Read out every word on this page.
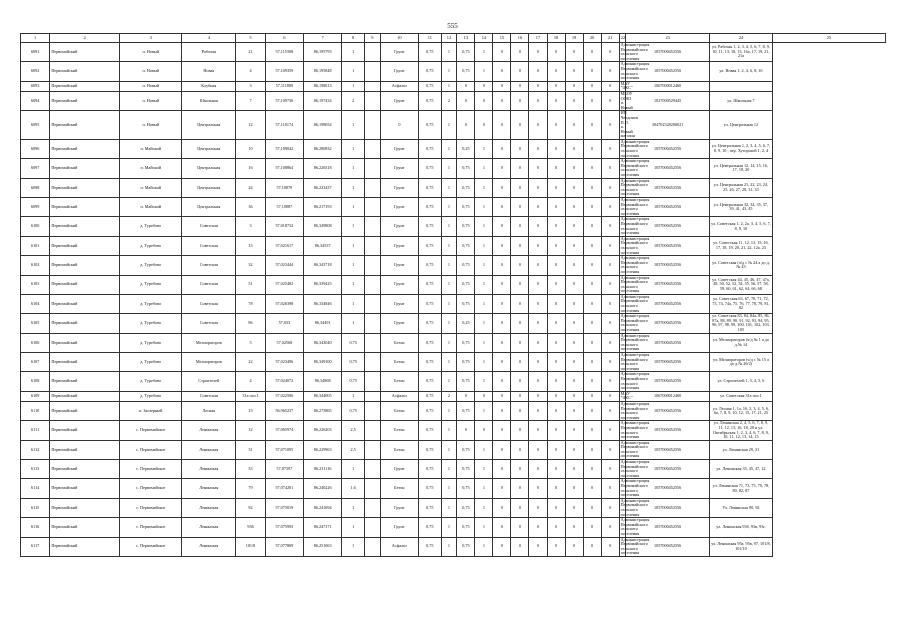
555
1	2	3	4	5	6	7	8	9	10	11	12	13	14	15	16	17	18	19	20	21	22	23	24	25
6091	Первомайский	п. Новый	Рабочая	21	57,115308	86,195793	1		Грунт	0,75	1	0,75	1	0	0	0	0	0	0	0	Администрация Первомайского сельского поселения	1057000452556	ул. Рабочая 1, 2, 3, 4, 5, 6, 7, 8, 9, 10, 11, 13, 18, 15, 16а, 17, 19, 21, 21а	
6092	Первомайский	п. Новый	Новая	4	57,109359	86,195848	1		Грунт	0,75	1	0,75	1	0	0	0	0	0	0	0	Администрация Первомайского сельского поселения	1057000452556	ул. Новая 1, 2, 4, 6, 8, 10	
6093	Первомайский	п. Новый	Клубная	3	57,111809	86,198613	1		Асфальт	0,75	1	0	0	0	0	0	0	0	0	0	МАУ "ЦКС"	1067000012460		
6094	Первомайский	п. Новый	Школьная	7	57,109736	86,197434	2		Грунт	0,75	2	0	0	0	0	0	0	0	0	0	МБОУ ООШ п. Новый	1027000529445	ул. Школьная 7	
6095	Первомайский	п. Новый	Центральная	12	57,110174	86,198054	1		0	0,75	1	0	0	0	0	0	0	0	0	0	ИП Чекдинов П.П. к. Новый магазин	304702528200021	ул. Центральная 12	
6096	Первомайский	п. Майский	Центральная	10	57,109042	86,280832	1		Грунт	0,75	1	0,25	1	0	0	0	0	0	0	0	Администрация Первомайского сельского поселения	1057000452556	ул. Центральная 1, 2, 3, 4, 5, 6, 7, 8, 9, 10 ; пер. Хуторской 1, 2, 4	
6097	Первомайский	п. Майский	Центральная	16	57,108864	86,226518	1		Грунт	0,75	1	0,75	1	0	0	0	0	0	0	0	Администрация Первомайского сельского поселения	1057000452556	ул. Центральная 12, 14, 15, 16, 17, 18, 20	
6098	Первомайский	п. Майский	Центральная	24	57,10879	86,223437	1		Грунт	0,75	1	0,75	1	0	0	0	0	0	0	0	Администрация Первомайского сельского поселения	1057000452556	ул. Центральная 21, 22, 23, 24, 25, 26, 27, 28, 31, 33	
6099	Первомайский	п. Майский	Центральная	36	57,10887	86,217193	1		Грунт	0,75	1	0,75	1	0	0	0	0	0	0	0	Администрация Первомайского сельского поселения	1057000452556	ул. Центральная 32, 34, 35, 37, 39, 41, 43, 45	
6100	Первомайский	д. Туребово	Советская	3	57,018732	86,349808	1		Грунт	0,75	1	0,75	1	0	0	0	0	0	0	0	Администрация Первомайского сельского поселения	1057000452556	ул. Советская 1, 2, 2а, 3, 4, 5, 6, 7, 8, 9, 10	
6101	Первомайский	д. Туребово	Советская	15	57,021617	86,34537	1		Грунт	0,75	1	0,75	1	0	0	0	0	0	0	0	Администрация Первомайского сельского поселения	1057000452556	ул. Советская 11, 12, 13, 15, 16, 17, 18, 19, 20, 21, 22, 12а, 23	
6102	Первомайский	д. Туребово	Советская	32	57,023444	86,343718	1		Грунт	0,75	1	0,75	1	0	0	0	0	0	0	0	Администрация Первомайского сельского поселения	1057000452556	ул. Советская (ч/д с № 24 а до д.№ 43	
6103	Первомайский	д. Туребово	Советская	51	57,025482	86,339425	1		Грунт	0,75	1	0,75	1	0	0	0	0	0	0	0	Администрация Первомайского сельского поселения	1057000452556	ул. Советская 44, 45, 46, 47, 47а, 48, 50, 52, 52, 54, 55, 56, 57, 58, 59, 60, 61, 62, 64, 66, 68	
6104	Первомайский	д. Туребово	Советская	78	57,026398	86,334846	1		Грунт	0,75	1	0,75	1	0	0	0	0	0	0	0	Администрация Первомайского сельского поселения	1057000452556	ул. Советская 63, 67, 70, 71, 72, 73, 74, 74а, 75, 76, 77, 78, 79, 81, 82	
6105	Первомайский	д. Туребово	Советская	86	57,033	86,34491	1		Грунт	0,75	1	0,25	1	0	0	0	0	0	0	0	Администрация Первомайского сельского поселения	1057000452556	ул. Советская 83, 84, 84а, 85, 86, 87а, 88, 89, 90, 91, 92, 93, 94, 95, 96, 97, 98, 99, 100, 101, 102, 103, 105	
6106	Первомайский	д. Туребово	Мелиораторов	5	57,02568	86,343040	0,75		Бетон	0,75	1	0,75	1	0	0	0	0	0	0	0	Администрация Первомайского сельского поселения	1057000452556	ул. Мелиораторов (ч/д № 1 а до д.№ 14	
6107	Первомайский	д. Туребово	Мелиораторов	22	57,023496	86,349100	0,75		Бетон	0,75	1	0,75	1	0	0	0	0	0	0	0	Администрация Первомайского сельского поселения	1057000452556	ул. Мелиораторов (ч/д с № 15 а до д.№ 26/2)	
6108	Первомайский	д. Туребово	Строителей	4	57,024072	86,34868	0,75		Бетон	0,75	1	0,75	1	0	0	0	0	0	0	0	Администрация Первомайского сельского поселения	1057000452556	ул. Строителей 1, 3, 4, 5, 6	
6109	Первомайский	д. Туребово	Советская	31а поз.1	57,022506	86,344005	1		Асфальт	0,75	2	0	0	0	0	0	0	0	0	0	МАУ "ЦКС"	1067000012460	ул. Советская 31а поз.1	
6110	Первомайский	п. Заозерный	Лесная	15	56,965237	86,275865	0,75		Бетон	0,75	1	0,75	1	0	0	0	0	0	0	0	Администрация Первомайского сельского поселения	1057000452556	ул. Лесная 1, 1а, 1б, 2, 3, 4, 5, 6, 6а, 7, 8, 9, 10, 12, 15, 17, 21, 25	
6111	Первомайский	с. Первомайское	Ленинская	12	57,065974	86,226203	2,5		Бетон	0,75	1	0	0	0	0	0	0	0	0	0	Администрация Первомайского сельского поселения	1057000452556	ул. Ленинская 2, 4, 5, 6, 7, 8, 9, 11, 12, 13, 16, 18, 20 и ул. Октябрьская 1, 2, 3, 4, 6, 7, 8, 9, 10, 11, 12, 13, 14, 15	
6112	Первомайский	с. Первомайское	Ленинская	31	57,071095	86,229963	2,5		Бетон	0,75	1	0,75	1	0	0	0	0	0	0	0	Администрация Первомайского сельского поселения	1057000452556	ул. Ленинская 29, 31	
6113	Первомайский	с. Первомайское	Ленинская	33	57,07397	86,231116	1		Грунт	0,75	1	0,75	1	0	0	0	0	0	0	0	Администрация Первомайского сельского поселения	1057000452556	ул. Ленинская 35, 45, 47, 12	
6114	Первомайский	с. Первомайское	Ленинская	79	57,074201	86,240226	1,6		Бетон	0,75	1	0,75	1	0	0	0	0	0	0	0	Администрация Первомайского сельского поселения	1057000452556	ул. Ленинская 71, 73, 75, 79, 78, 80, 82, 87	
6115	Первомайский	с. Первомайское	Ленинская	92	57,075819	86,241694	1		Грунт	0,75	1	0,75	1	0	0	0	0	0	0	0	Администрация Первомайского сельского поселения	1057000452556	Ул. Ленинская 90, 92	
6116	Первомайский	с. Первомайское	Ленинская	936	57,075993	86,247171	1		Грунт	0,75	1	0,75	1	0	0	0	0	0	0	0	Администрация Первомайского сельского поселения	1057000452556	ул. Ленинская 93б, 93в, 93г,	
6117	Первомайский	с. Первомайское	Ленинская	101/8	57,077809	86,251063	1		Асфальт	0,75	1	0,75	1	0	0	0	0	0	0	0	Администрация Первомайского сельского поселения	1057000452556	ул. Ленинская 95а, 95в, 97, 101/8, 101/10	
